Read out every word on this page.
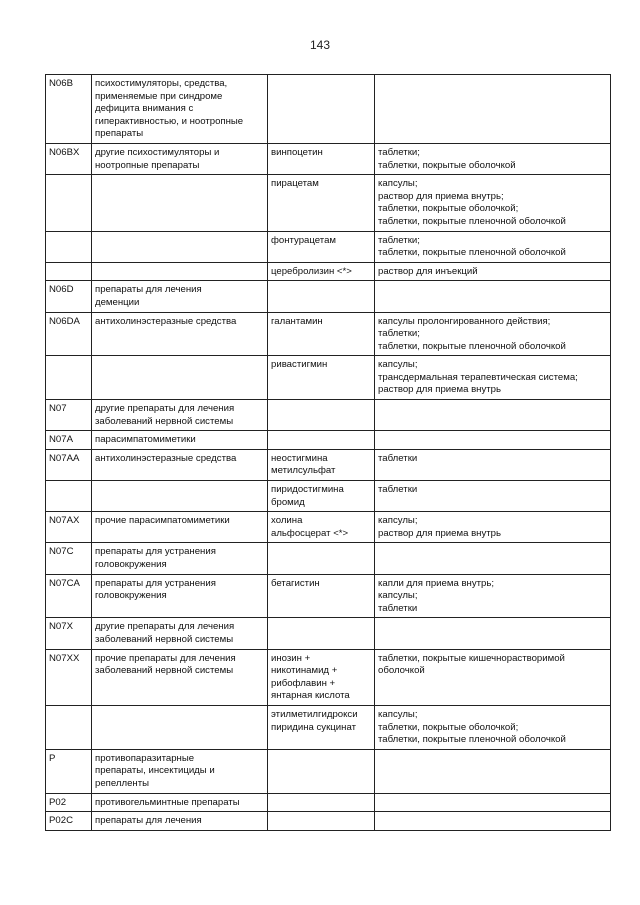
143
N06B	психостимуляторы, средства,
применяемые при синдроме
дефицита внимания с
гиперактивностью, и ноотропные
препараты		
N06BX	другие психостимуляторы и
ноотропные препараты	винпоцетин	таблетки;
таблетки, покрытые оболочкой
		пирацетам	капсулы;
раствор для приема внутрь;
таблетки, покрытые оболочкой;
таблетки, покрытые пленочной оболочкой
		фонтурацетам	таблетки;
таблетки, покрытые пленочной оболочкой
		церебролизин <*>	раствор для инъекций
N06D	препараты для лечения
деменции		
N06DA	антихолинэстеразные средства	галантамин	капсулы пролонгированного действия;
таблетки;
таблетки, покрытые пленочной оболочкой
		ривастигмин	капсулы;
трансдермальная терапевтическая система;
раствор для приема внутрь
N07	другие препараты для лечения
заболеваний нервной системы		
N07A	парасимпатомиметики		
N07AA	антихолинэстеразные средства	неостигмина
метилсульфат	таблетки
		пиридостигмина
бромид	таблетки
N07AX	прочие парасимпатомиметики	холина
альфосцерат <*>	капсулы;
раствор для приема внутрь
N07C	препараты для устранения
головокружения		
N07CA	препараты для устранения
головокружения	бетагистин	капли для приема внутрь;
капсулы;
таблетки
N07X	другие препараты для лечения
заболеваний нервной системы		
N07XX	прочие препараты для лечения
заболеваний нервной системы	инозин +
никотинамид +
рибофлавин +
янтарная кислота	таблетки, покрытые кишечнорастворимой
оболочкой
		этилметилгидрокси
пиридина сукцинат	капсулы;
таблетки, покрытые оболочкой;
таблетки, покрытые пленочной оболочкой
P	противопаразитарные
препараты, инсектициды и
репелленты		
P02	противогельминтные препараты		
P02C	препараты для лечения		
